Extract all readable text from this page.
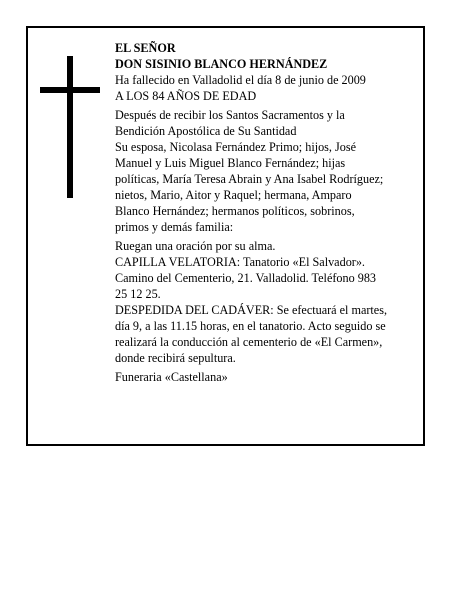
EL SEÑOR
DON SISINIO BLANCO HERNÁNDEZ
Ha fallecido en Valladolid el día 8 de junio de 2009
A LOS 84 AÑOS DE EDAD
Después de recibir los Santos Sacramentos y la
Bendición Apostólica de Su Santidad
Su esposa, Nicolasa Fernández Primo; hijos, José
Manuel y Luis Miguel Blanco Fernández; hijas
políticas, María Teresa Abrain y Ana Isabel Rodríguez;
nietos, Mario, Aitor y Raquel; hermana, Amparo
Blanco Hernández; hermanos políticos, sobrinos,
primos y demás familia:
Ruegan una oración por su alma.
CAPILLA VELATORIA: Tanatorio «El Salvador».
Camino del Cementerio, 21. Valladolid. Teléfono 983
25 12 25.
DESPEDIDA DEL CADÁVER: Se efectuará el martes,
día 9, a las 11.15 horas, en el tanatorio. Acto seguido se
realizará la conducción al cementerio de «El Carmen»,
donde recibirá sepultura.
Funeraria «Castellana»
